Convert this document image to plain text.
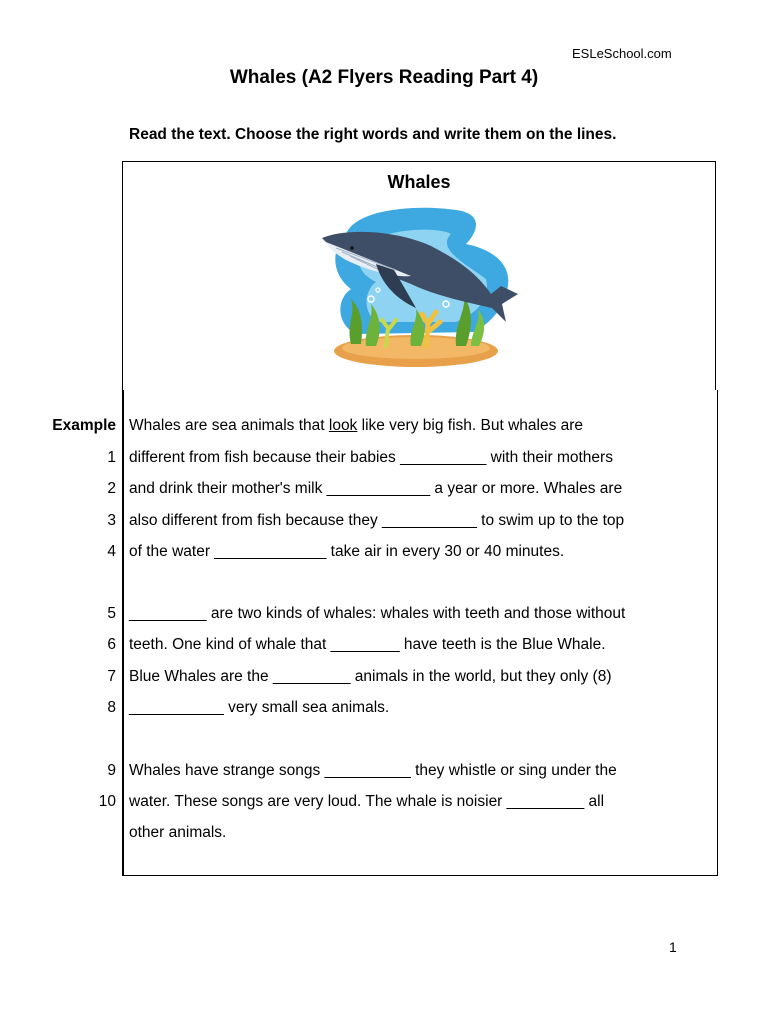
ESLeSchool.com
Whales (A2 Flyers Reading Part 4)
Read the text. Choose the right words and write them on the lines.
Whales
Whales are sea animals that look like very big fish. But whales are
Example
different from fish because their babies __________ with their mothers
1
and drink their mother's milk ____________ a year or more. Whales are
2
also different from fish because they ___________ to swim up to the top
3
of the water _____________ take air in every 30 or 40 minutes.
4
_________ are two kinds of whales: whales with teeth and those without
5
teeth. One kind of whale that ________ have teeth is the Blue Whale.
6
Blue Whales are the _________ animals in the world, but they only (8)
7
___________ very small sea animals.
8
Whales have strange songs __________ they whistle or sing under the
9
water. These songs are very loud. The whale is noisier _________ all
10
other animals.
1
